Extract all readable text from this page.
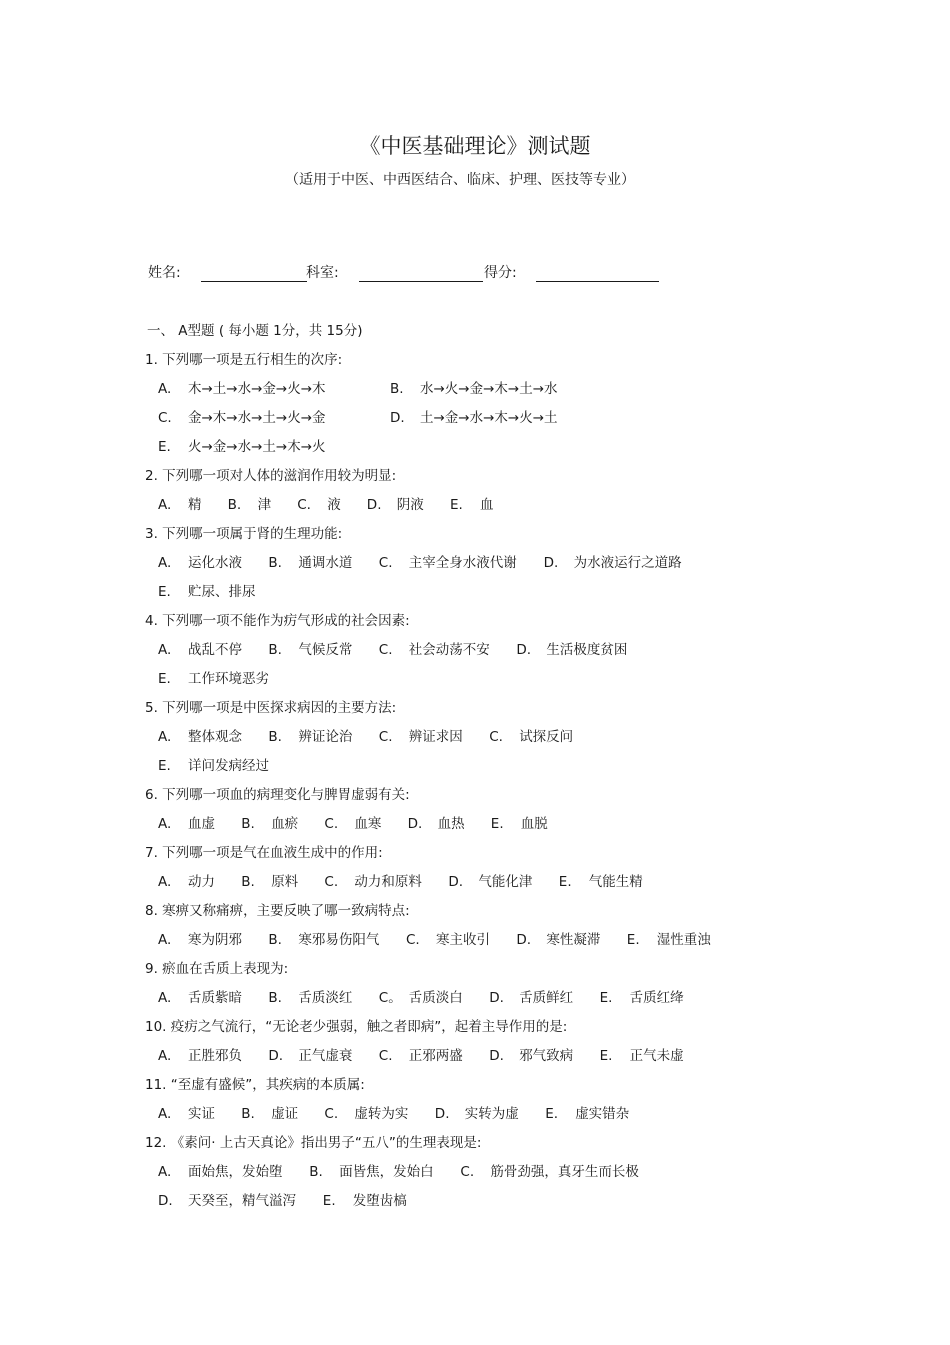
《中医基础理论》测试题
（适用于中医、中西医结合、临床、护理、医技等专业）
姓名:	科室:	得分:
一、 A型题 ( 每小题 1分，共 15分)
1. 下列哪一项是五行相生的次序:
A. 木→土→水→金→火→木	B. 水→火→金→木→土→水
C. 金→木→水→土→火→金	D. 土→金→水→木→火→土
E. 火→金→水→土→木→火
2. 下列哪一项对人体的滋润作用较为明显:
A. 精 B. 津 C. 液 D. 阴液 E. 血
3. 下列哪一项属于肾的生理功能:
A. 运化水液 B. 通调水道 C. 主宰全身水液代谢 D. 为水液运行之道路
E. 贮尿、排尿
4. 下列哪一项不能作为疠气形成的社会因素:
A. 战乱不停 B. 气候反常 C. 社会动荡不安 D. 生活极度贫困
E. 工作环境恶劣
5. 下列哪一项是中医探求病因的主要方法:
A. 整体观念 B. 辨证论治 C. 辨证求因 C. 试探反问
E. 详问发病经过
6. 下列哪一项血的病理变化与脾胃虚弱有关:
A. 血虚 B. 血瘀 C. 血寒 D. 血热 E. 血脱
7. 下列哪一项是气在血液生成中的作用:
A. 动力 B. 原料 C. 动力和原料 D. 气能化津 E. 气能生精
8. 寒痹又称痛痹，主要反映了哪一致病特点:
A. 寒为阴邪 B. 寒邪易伤阳气 C. 寒主收引 D. 寒性凝滞 E. 湿性重浊
9. 瘀血在舌质上表现为:
A. 舌质紫暗 B. 舌质淡红 C。 舌质淡白 D. 舌质鲜红 E. 舌质红绛
10. 疫疠之气流行，“无论老少强弱，触之者即病”，起着主导作用的是:
A. 正胜邪负 D. 正气虚衰 C. 正邪两盛 D. 邪气致病 E. 正气未虚
11. “至虚有盛候”，其疾病的本质属:
A. 实证 B. 虚证 C. 虚转为实 D. 实转为虚 E. 虚实错杂
12. 《素问· 上古天真论》指出男子“五八”的生理表现是:
A. 面始焦，发始堕 B. 面皆焦，发始白 C. 筋骨劲强，真牙生而长极
D. 天癸至，精气溢泻 E. 发堕齿槁
